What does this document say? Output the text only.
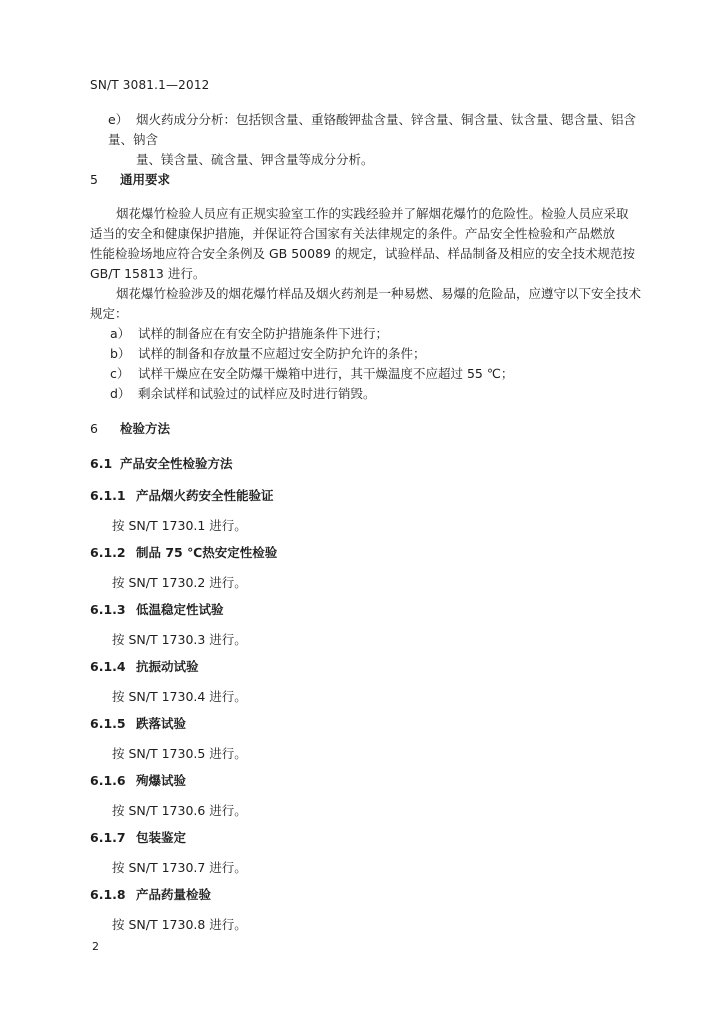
SN/T 3081.1—2012
e） 烟火药成分分析：包括钡含量、重铬酸钾盐含量、锌含量、铜含量、钛含量、锶含量、铝含量、钠含
量、镁含量、硫含量、钾含量等成分分析。
5 通用要求
烟花爆竹检验人员应有正规实验室工作的实践经验并了解烟花爆竹的危险性。检验人员应采取
适当的安全和健康保护措施，并保证符合国家有关法律规定的条件。产品安全性检验和产品燃放
性能检验场地应符合安全条例及 GB 50089 的规定，试验样品、样品制备及相应的安全技术规范按
GB/T 15813 进行。
烟花爆竹检验涉及的烟花爆竹样品及烟火药剂是一种易燃、易爆的危险品，应遵守以下安全技术
规定：
a） 试样的制备应在有安全防护措施条件下进行；
b） 试样的制备和存放量不应超过安全防护允许的条件；
c） 试样干燥应在安全防爆干燥箱中进行，其干燥温度不应超过 55 ℃；
d） 剩余试样和试验过的试样应及时进行销毁。
6 检验方法
6.1 产品安全性检验方法
6.1.1 产品烟火药安全性能验证
按 SN/T 1730.1 进行。
6.1.2 制品 75 ℃热安定性检验
按 SN/T 1730.2 进行。
6.1.3 低温稳定性试验
按 SN/T 1730.3 进行。
6.1.4 抗振动试验
按 SN/T 1730.4 进行。
6.1.5 跌落试验
按 SN/T 1730.5 进行。
6.1.6 殉爆试验
按 SN/T 1730.6 进行。
6.1.7 包装鉴定
按 SN/T 1730.7 进行。
6.1.8 产品药量检验
按 SN/T 1730.8 进行。
2
